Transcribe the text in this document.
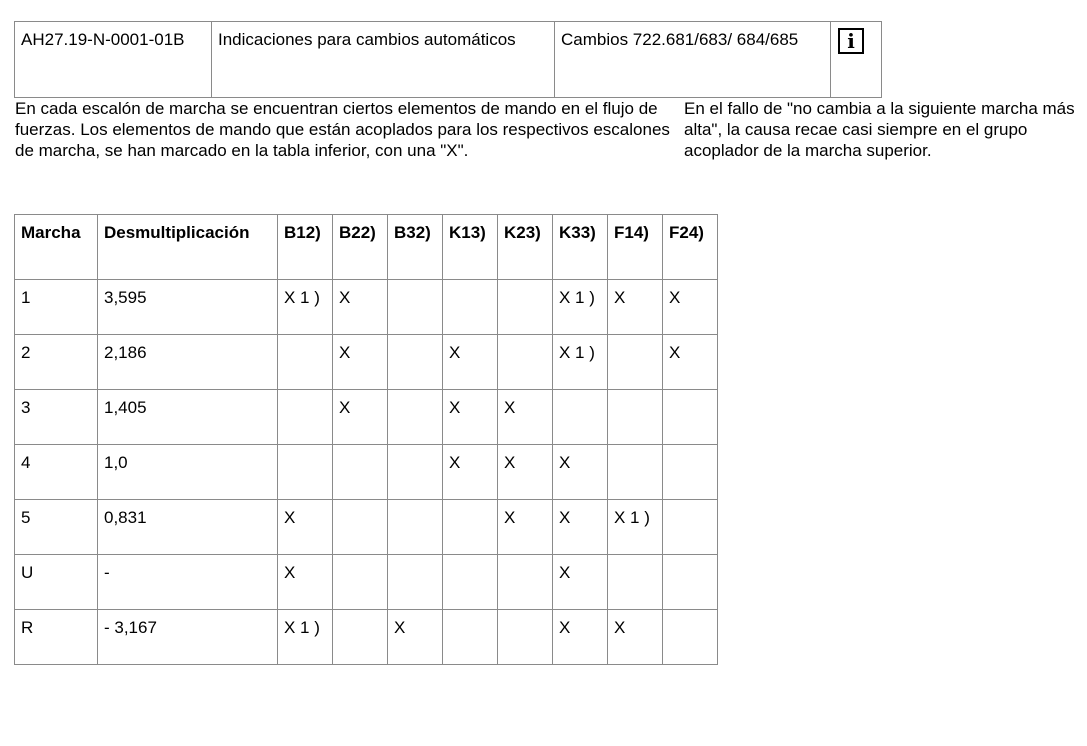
AH27.19-N-0001-01B	Indicaciones para cambios automáticos	Cambios 722.681/683/ 684/685	i
En cada escalón de marcha se encuentran ciertos elementos de mando en el flujo de fuerzas. Los elementos de mando que están acoplados para los respectivos escalones de marcha, se han marcado en la tabla inferior, con una "X".
En el fallo de "no cambia a la siguiente marcha más alta", la causa recae casi siempre en el grupo acoplador de la marcha superior.
Marcha	Desmultiplicación	B12)	B22)	B32)	K13)	K23)	K33)	F14)	F24)
1	3,595	X 1 )	X				X 1 )	X	X
2	2,186		X		X		X 1 )		X
3	1,405		X		X	X			
4	1,0				X	X	X		
5	0,831	X				X	X	X 1 )	
U	-	X					X		
R	- 3,167	X 1 )		X			X	X	
